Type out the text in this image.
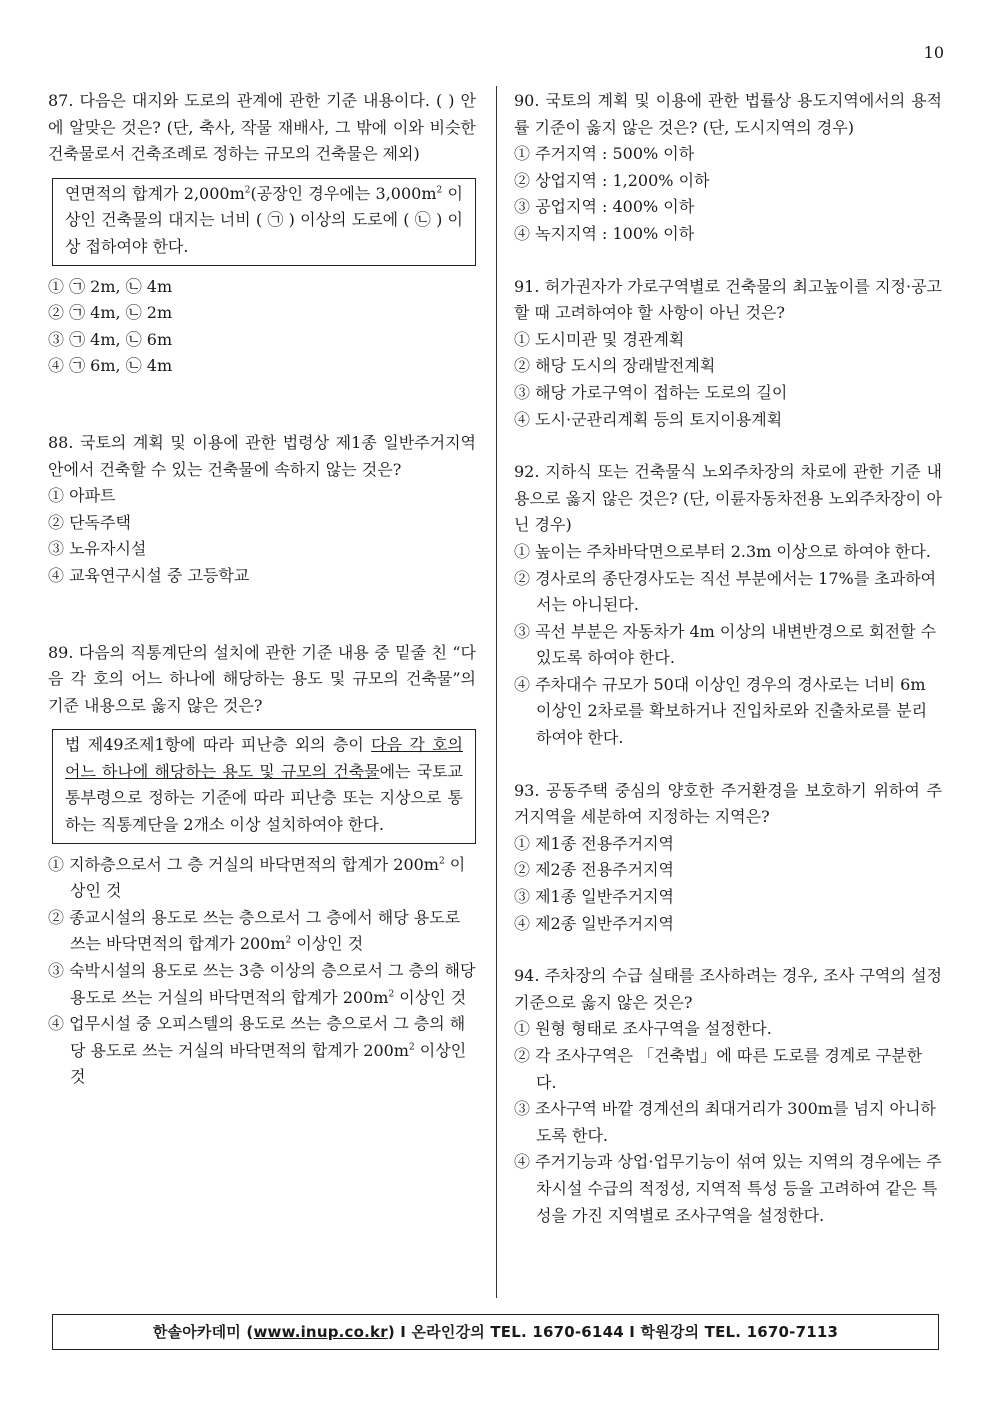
10

87. 다음은 대지와 도로의 관계에 관한 기준 내용이다. ( ) 안에 알맞은 것은? (단, 축사, 작물 재배사, 그 밖에 이와 비슷한 건축물로서 건축조례로 정하는 규모의 건축물은 제외)

연면적의 합계가 $2,000m^2$(공장인 경우에는 $3,000m^2$ 이상인 건축물의 대지는 너비 ( ㉠ ) 이상의 도로에 ( ㉡ ) 이상 접하여야 한다.

① ㉠ 2m, ㉡ 4m

② ㉠ 4m, ㉡ 2m

③ ㉠ 4m, ㉡ 6m

④ ㉠ 6m, ㉡ 4m

88. 국토의 계획 및 이용에 관한 법령상 제1종 일반주거지역 안에서 건축할 수 있는 건축물에 속하지 않는 것은?

① 아파트

② 단독주택

③ 노유자시설

④ 교육연구시설 중 고등학교

89. 다음의 직통계단의 설치에 관한 기준 내용 중 밑줄 친 “다음 각 호의 어느 하나에 해당하는 용도 및 규모의 건축물”의 기준 내용으로 옳지 않은 것은?

법 제49조제1항에 따라 피난층 외의 층이 다음 각 호의 어느 하나에 해당하는 용도 및 규모의 건축물에는 국토교통부령으로 정하는 기준에 따라 피난층 또는 지상으로 통하는 직통계단을 2개소 이상 설치하여야 한다.

① 지하층으로서 그 층 거실의 바닥면적의 합계가 $200m^2$ 이상인 것

② 종교시설의 용도로 쓰는 층으로서 그 층에서 해당 용도로 쓰는 바닥면적의 합계가 $200m^2$ 이상인 것

③ 숙박시설의 용도로 쓰는 3층 이상의 층으로서 그 층의 해당 용도로 쓰는 거실의 바닥면적의 합계가 $200m^2$ 이상인 것

④ 업무시설 중 오피스텔의 용도로 쓰는 층으로서 그 층의 해당 용도로 쓰는 거실의 바닥면적의 합계가 $200m^2$ 이상인 것

90. 국토의 계획 및 이용에 관한 법률상 용도지역에서의 용적률 기준이 옳지 않은 것은? (단, 도시지역의 경우)

① 주거지역 : 500% 이하

② 상업지역 : 1,200% 이하

③ 공업지역 : 400% 이하

④ 녹지지역 : 100% 이하

91. 허가권자가 가로구역별로 건축물의 최고높이를 지정·공고할 때 고려하여야 할 사항이 아닌 것은?

① 도시미관 및 경관계획

② 해당 도시의 장래발전계획

③ 해당 가로구역이 접하는 도로의 길이

④ 도시·군관리계획 등의 토지이용계획

92. 지하식 또는 건축물식 노외주차장의 차로에 관한 기준 내용으로 옳지 않은 것은? (단, 이륜자동차전용 노외주차장이 아닌 경우)

① 높이는 주차바닥면으로부터 2.3m 이상으로 하여야 한다.

② 경사로의 종단경사도는 직선 부분에서는 17%를 초과하여서는 아니된다.

③ 곡선 부분은 자동차가 4m 이상의 내변반경으로 회전할 수 있도록 하여야 한다.

④ 주차대수 규모가 50대 이상인 경우의 경사로는 너비 6m 이상인 2차로를 확보하거나 진입차로와 진출차로를 분리하여야 한다.

93. 공동주택 중심의 양호한 주거환경을 보호하기 위하여 주거지역을 세분하여 지정하는 지역은?

① 제1종 전용주거지역

② 제2종 전용주거지역

③ 제1종 일반주거지역

④ 제2종 일반주거지역

94. 주차장의 수급 실태를 조사하려는 경우, 조사 구역의 설정 기준으로 옳지 않은 것은?

① 원형 형태로 조사구역을 설정한다.

② 각 조사구역은 「건축법」에 따른 도로를 경계로 구분한다.

③ 조사구역 바깥 경계선의 최대거리가 300m를 넘지 아니하도록 한다.

④ 주거기능과 상업·업무기능이 섞여 있는 지역의 경우에는 주차시설 수급의 적정성, 지역적 특성 등을 고려하여 같은 특성을 가진 지역별로 조사구역을 설정한다.

한솔아카데미 (www.inup.co.kr) I 온라인강의 TEL. 1670-6144 I 학원강의 TEL. 1670-7113
